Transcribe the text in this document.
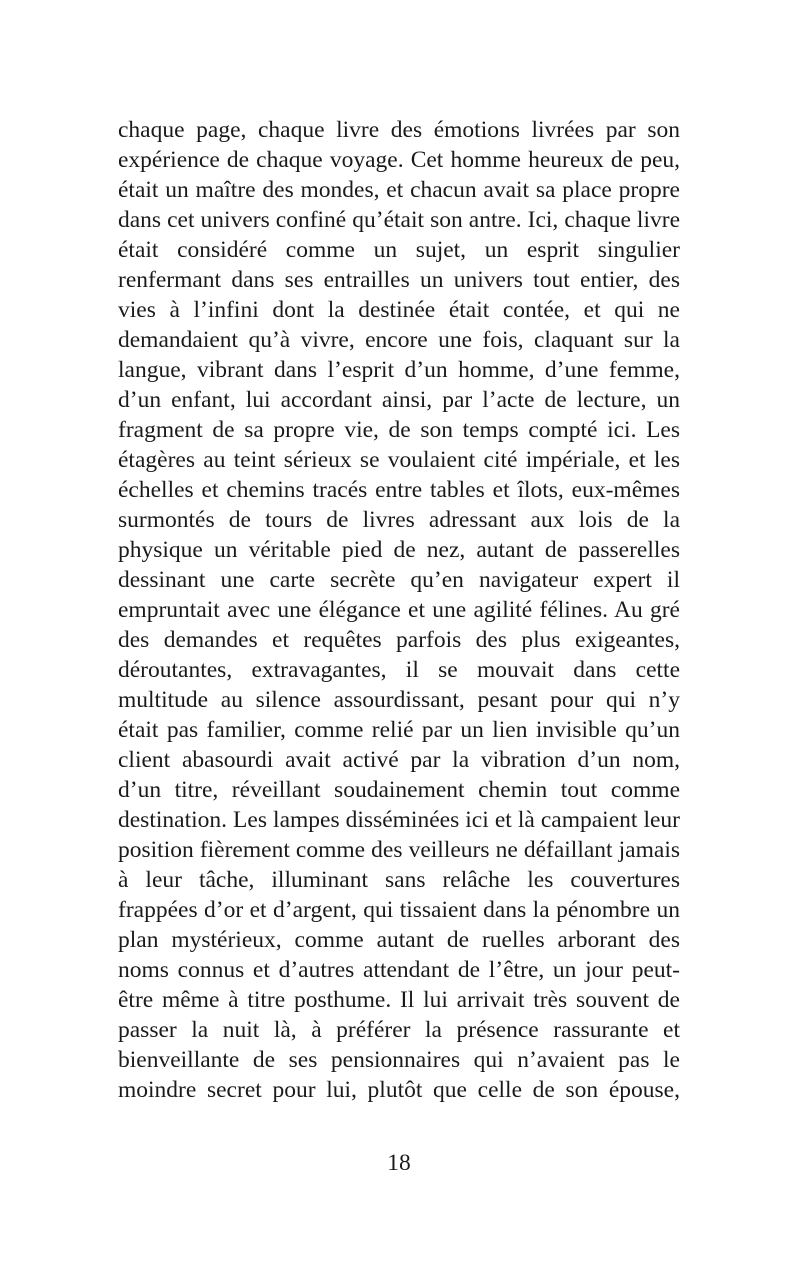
chaque page, chaque livre des émotions livrées par son
expérience de chaque voyage. Cet homme heureux de peu,
était un maître des mondes, et chacun avait sa place propre
dans cet univers confiné qu’était son antre. Ici, chaque livre
était considéré comme un sujet, un esprit singulier
renfermant dans ses entrailles un univers tout entier, des
vies à l’infini dont la destinée était contée, et qui ne
demandaient qu’à vivre, encore une fois, claquant sur la
langue, vibrant dans l’esprit d’un homme, d’une femme,
d’un enfant, lui accordant ainsi, par l’acte de lecture, un
fragment de sa propre vie, de son temps compté ici. Les
étagères au teint sérieux se voulaient cité impériale, et les
échelles et chemins tracés entre tables et îlots, eux-mêmes
surmontés de tours de livres adressant aux lois de la
physique un véritable pied de nez, autant de passerelles
dessinant une carte secrète qu’en navigateur expert il
empruntait avec une élégance et une agilité félines. Au gré
des demandes et requêtes parfois des plus exigeantes,
déroutantes, extravagantes, il se mouvait dans cette
multitude au silence assourdissant, pesant pour qui n’y
était pas familier, comme relié par un lien invisible qu’un
client abasourdi avait activé par la vibration d’un nom,
d’un titre, réveillant soudainement chemin tout comme
destination. Les lampes disséminées ici et là campaient leur
position fièrement comme des veilleurs ne défaillant jamais
à leur tâche, illuminant sans relâche les couvertures
frappées d’or et d’argent, qui tissaient dans la pénombre un
plan mystérieux, comme autant de ruelles arborant des
noms connus et d’autres attendant de l’être, un jour peut-
être même à titre posthume. Il lui arrivait très souvent de
passer la nuit là, à préférer la présence rassurante et
bienveillante de ses pensionnaires qui n’avaient pas le
moindre secret pour lui, plutôt que celle de son épouse,
18
